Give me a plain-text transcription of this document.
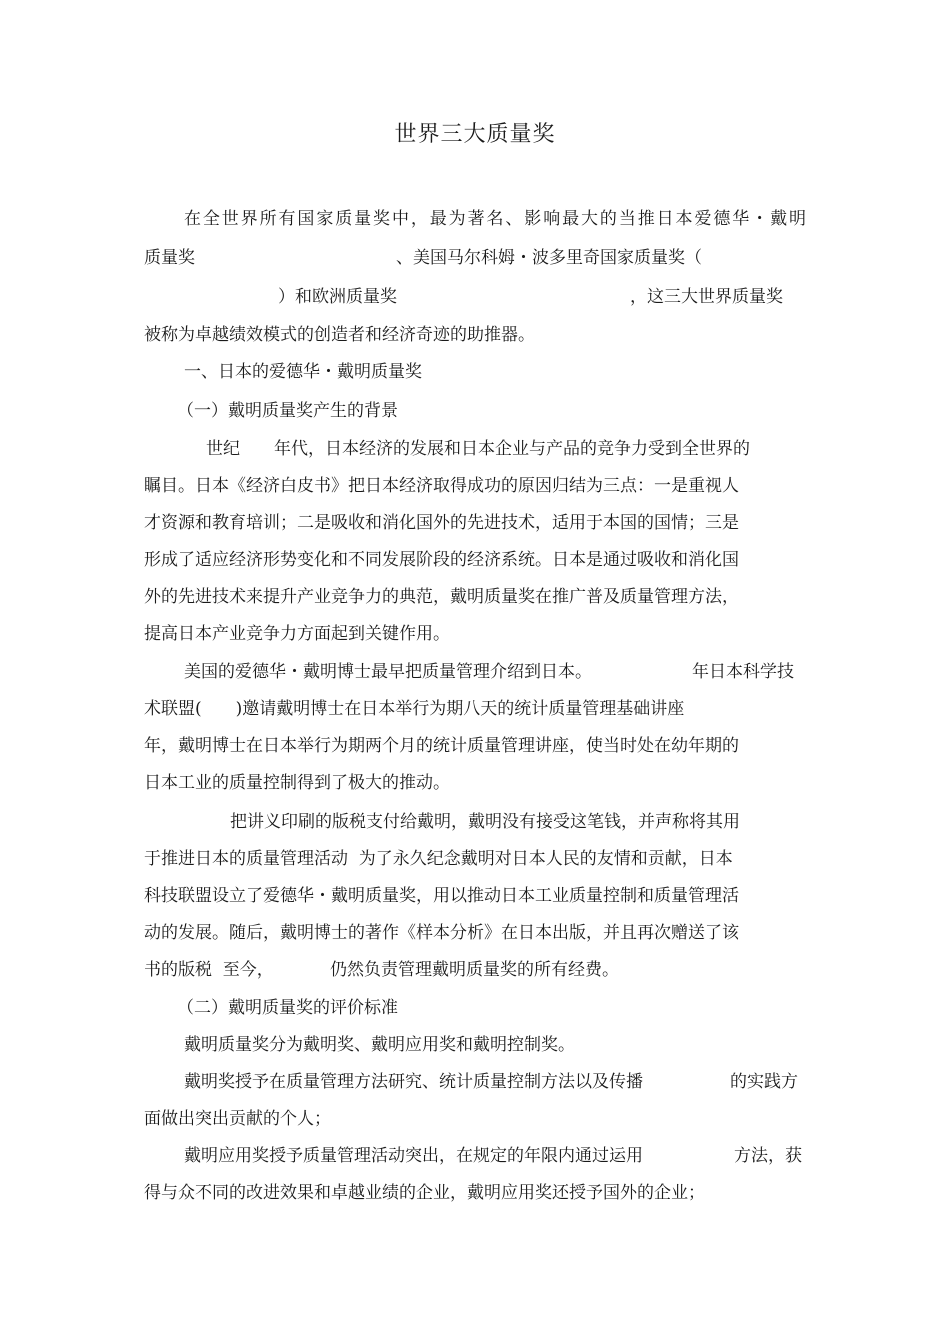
世界三大质量奖
在全世界所有国家质量奖中，最为著名、影响最大的当推日本爱德华・戴明
质量奖	、美国马尔科姆・波多里奇国家质量奖（
）和欧洲质量奖	，这三大世界质量奖
被称为卓越绩效模式的创造者和经济奇迹的助推器。
一、日本的爱德华・戴明质量奖
（一）戴明质量奖产生的背景
世纪　　年代，日本经济的发展和日本企业与产品的竞争力受到全世界的
瞩目。日本《经济白皮书》把日本经济取得成功的原因归结为三点：一是重视人
才资源和教育培训；二是吸收和消化国外的先进技术，适用于本国的国情；三是
形成了适应经济形势变化和不同发展阶段的经济系统。日本是通过吸收和消化国
外的先进技术来提升产业竞争力的典范，戴明质量奖在推广普及质量管理方法，
提高日本产业竞争力方面起到关键作用。
美国的爱德华・戴明博士最早把质量管理介绍到日本。	年日本科学技
术联盟(　　)邀请戴明博士在日本举行为期八天的统计质量管理基础讲座
年，戴明博士在日本举行为期两个月的统计质量管理讲座，使当时处在幼年期的
日本工业的质量控制得到了极大的推动。
把讲义印刷的版税支付给戴明，戴明没有接受这笔钱，并声称将其用
于推进日本的质量管理活动  为了永久纪念戴明对日本人民的友情和贡献，日本
科技联盟设立了爱德华・戴明质量奖，用以推动日本工业质量控制和质量管理活
动的发展。随后，戴明博士的著作《样本分析》在日本出版，并且再次赠送了该
书的版税  至今，	仍然负责管理戴明质量奖的所有经费。
（二）戴明质量奖的评价标准
戴明质量奖分为戴明奖、戴明应用奖和戴明控制奖。
戴明奖授予在质量管理方法研究、统计质量控制方法以及传播	的实践方
面做出突出贡献的个人；
戴明应用奖授予质量管理活动突出，在规定的年限内通过运用	方法，获
得与众不同的改进效果和卓越业绩的企业，戴明应用奖还授予国外的企业；
